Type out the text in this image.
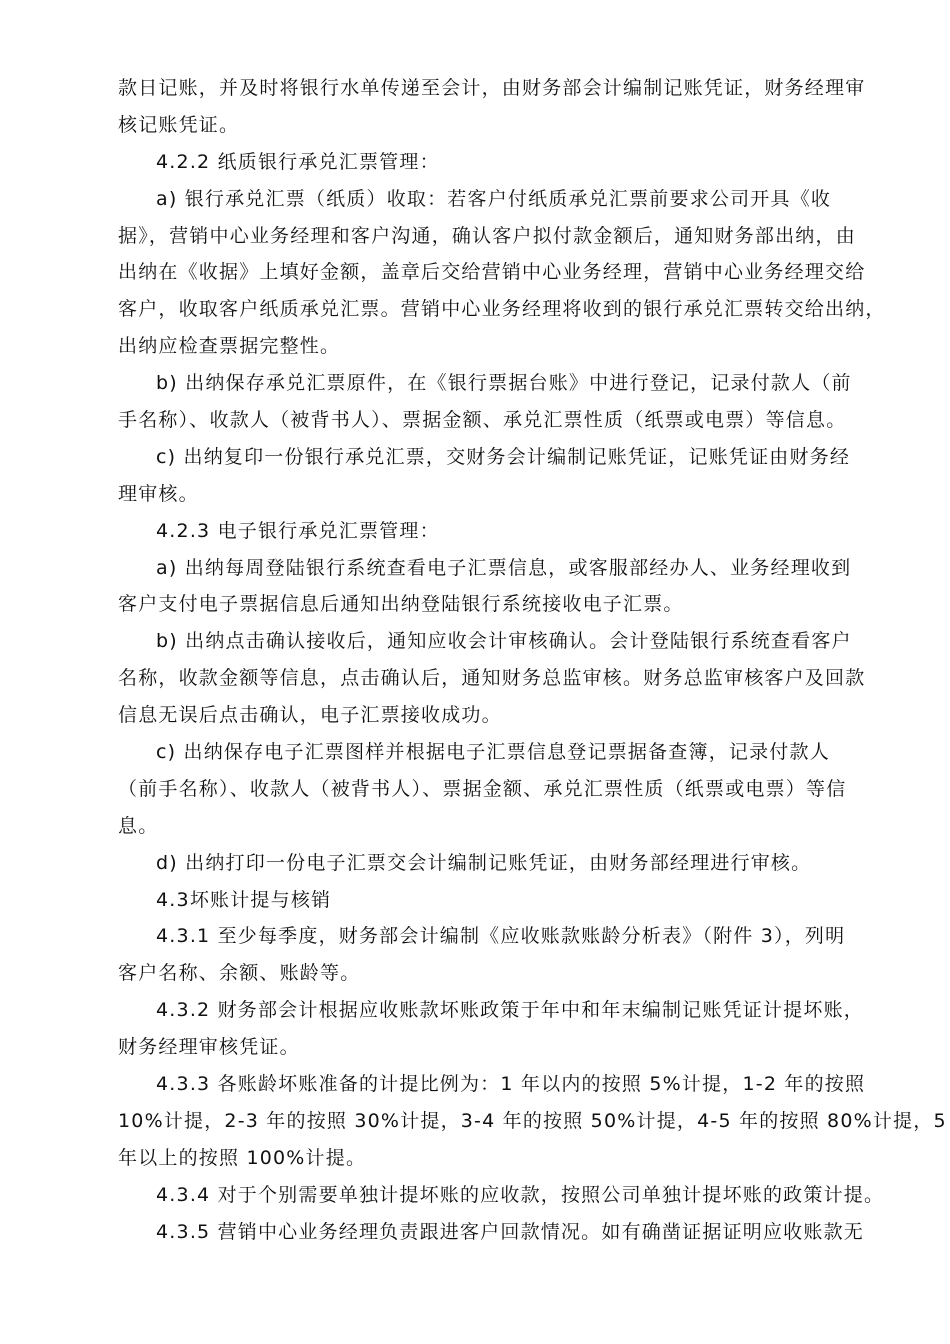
款日记账，并及时将银行水单传递至会计，由财务部会计编制记账凭证，财务经理审
核记账凭证。
4.2.2 纸质银行承兑汇票管理：
a) 银行承兑汇票（纸质）收取：若客户付纸质承兑汇票前要求公司开具《收
据》，营销中心业务经理和客户沟通，确认客户拟付款金额后，通知财务部出纳，由
出纳在《收据》上填好金额，盖章后交给营销中心业务经理，营销中心业务经理交给
客户，收取客户纸质承兑汇票。营销中心业务经理将收到的银行承兑汇票转交给出纳，
出纳应检查票据完整性。
b) 出纳保存承兑汇票原件，在《银行票据台账》中进行登记，记录付款人（前
手名称）、收款人（被背书人）、票据金额、承兑汇票性质（纸票或电票）等信息。
c) 出纳复印一份银行承兑汇票，交财务会计编制记账凭证，记账凭证由财务经
理审核。
4.2.3 电子银行承兑汇票管理：
a) 出纳每周登陆银行系统查看电子汇票信息，或客服部经办人、业务经理收到
客户支付电子票据信息后通知出纳登陆银行系统接收电子汇票。
b) 出纳点击确认接收后，通知应收会计审核确认。会计登陆银行系统查看客户
名称，收款金额等信息，点击确认后，通知财务总监审核。财务总监审核客户及回款
信息无误后点击确认，电子汇票接收成功。
c) 出纳保存电子汇票图样并根据电子汇票信息登记票据备查簿，记录付款人
（前手名称）、收款人（被背书人）、票据金额、承兑汇票性质（纸票或电票）等信
息。
d) 出纳打印一份电子汇票交会计编制记账凭证，由财务部经理进行审核。
4.3坏账计提与核销
4.3.1 至少每季度，财务部会计编制《应收账款账龄分析表》（附件 3），列明
客户名称、余额、账龄等。
4.3.2 财务部会计根据应收账款坏账政策于年中和年末编制记账凭证计提坏账，
财务经理审核凭证。
4.3.3 各账龄坏账准备的计提比例为：1 年以内的按照 5%计提，1-2 年的按照
10%计提，2-3 年的按照 30%计提，3-4 年的按照 50%计提，4-5 年的按照 80%计提，5
年以上的按照 100%计提。
4.3.4 对于个别需要单独计提坏账的应收款，按照公司单独计提坏账的政策计提。
4.3.5 营销中心业务经理负责跟进客户回款情况。如有确凿证据证明应收账款无
